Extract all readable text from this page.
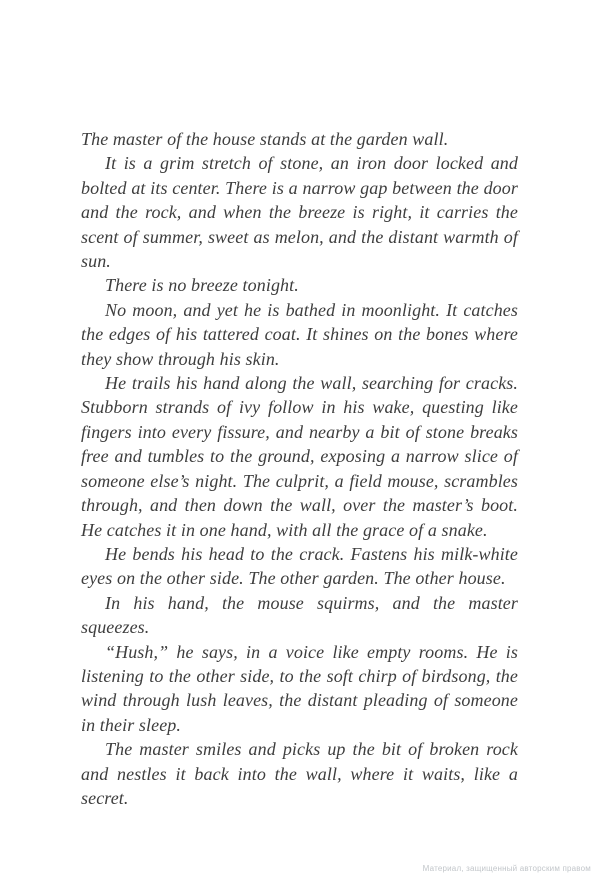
The master of the house stands at the garden wall.

It is a grim stretch of stone, an iron door locked and bolted at its center. There is a narrow gap between the door and the rock, and when the breeze is right, it carries the scent of summer, sweet as melon, and the distant warmth of sun.

There is no breeze tonight.

No moon, and yet he is bathed in moonlight. It catches the edges of his tattered coat. It shines on the bones where they show through his skin.

He trails his hand along the wall, searching for cracks. Stubborn strands of ivy follow in his wake, questing like fingers into every fissure, and nearby a bit of stone breaks free and tumbles to the ground, exposing a narrow slice of someone else’s night. The culprit, a field mouse, scrambles through, and then down the wall, over the master’s boot. He catches it in one hand, with all the grace of a snake.

He bends his head to the crack. Fastens his milk-white eyes on the other side. The other garden. The other house.

In his hand, the mouse squirms, and the master squeezes.

“Hush,” he says, in a voice like empty rooms. He is listening to the other side, to the soft chirp of birdsong, the wind through lush leaves, the distant pleading of someone in their sleep.

The master smiles and picks up the bit of broken rock and nestles it back into the wall, where it waits, like a secret.

Материал, защищенный авторским правом
